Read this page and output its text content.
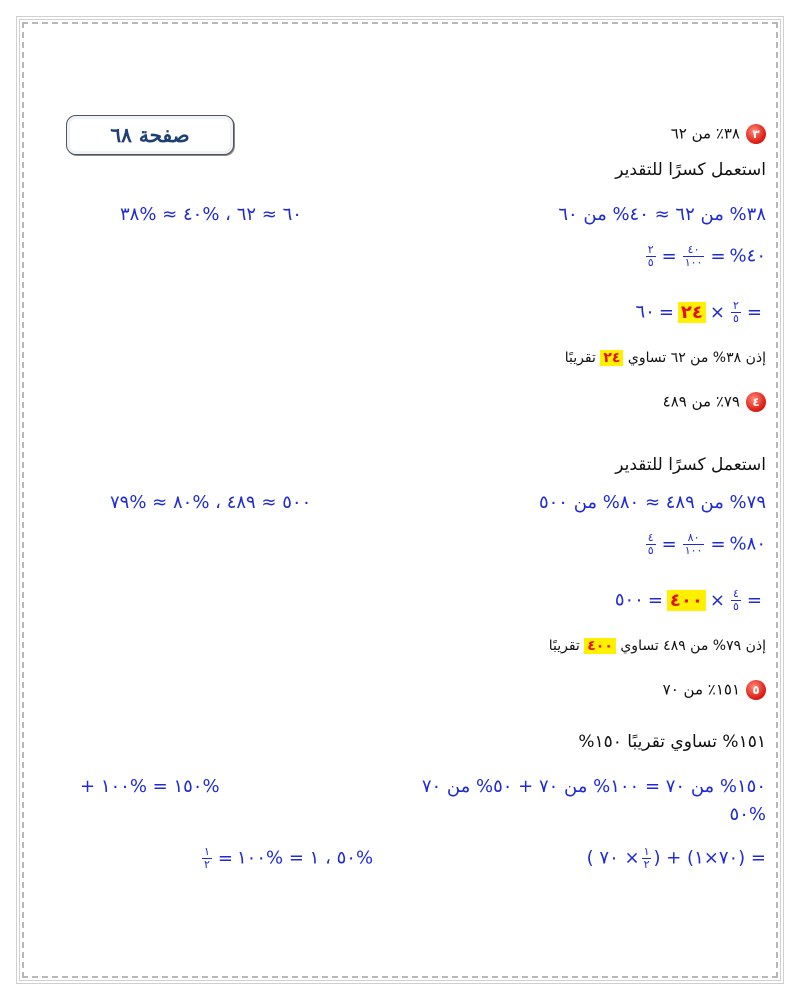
صفحة ٦٨	٣٣٨٪ من ٦٢
استعمل كسرًا للتقدير
٣٨% من ٦٢ ≈ ٤٠% من ٦٠
٦٠ ≈ ٦٢ ، %٤٠ ≈ %٣٨
$\frac{٢}{٥} = \frac{٤٠}{١٠٠}$ = %٤٠
٢٤=٦٠	× $\frac{٢}{٥}$ =
إذن ٣٨% من ٦٢ تساوي ٢٤ تقريبًا
٤٧٩٪ من ٤٨٩
استعمل كسرًا للتقدير
٧٩% من ٤٨٩ ≈ ٨٠% من ٥٠٠
٥٠٠ ≈ ٤٨٩ ، %٨٠ ≈ %٧٩
$\frac{٤}{٥} = \frac{٨٠}{١٠٠}$ = %٨٠
٤٠٠=٥٠٠	× $\frac{٤}{٥}$ =
إذن ٧٩% من ٤٨٩ تساوي ٤٠٠ تقريبًا
٥١٥١٪ من ٧٠
١٥١% تساوي تقريبًا ١٥٠%
١٥٠% من ٧٠ = ١٠٠% من ٧٠ + ٥٠% من ٧٠
%١٥٠ = %١٠٠ +
%٥٠
( ٧٠ × $\frac{١}{٢}$ ) + (٧٠×١) =
$\frac{١}{٢}$ = %٥٠ ، ١ = %١٠٠
